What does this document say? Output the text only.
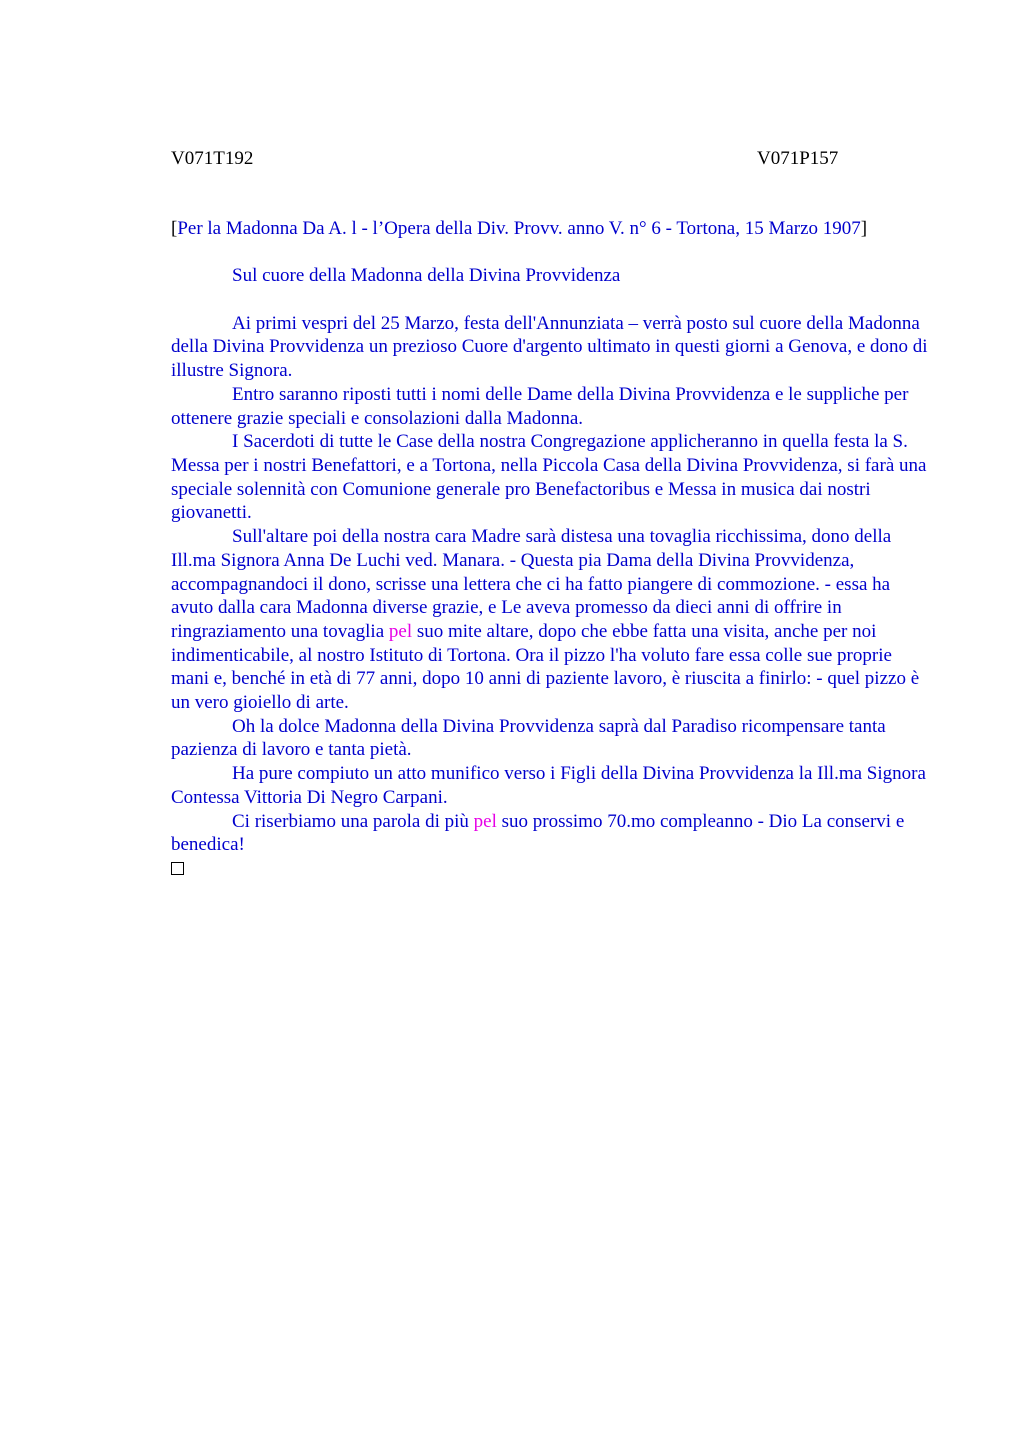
V071T192	V071P157

[Per la Madonna Da A. l - l’Opera della Div. Provv. anno V. n° 6 - Tortona, 15 Marzo 1907]

Sul cuore della Madonna della Divina Provvidenza

Ai primi vespri del 25 Marzo, festa dell'Annunziata – verrà posto sul cuore della Madonna della Divina Provvidenza un prezioso Cuore d'argento ultimato in questi giorni a Genova, e dono di illustre Signora.

Entro saranno riposti tutti i nomi delle Dame della Divina Provvidenza e le suppliche per ottenere grazie speciali e consolazioni dalla Madonna.

I Sacerdoti di tutte le Case della nostra Congregazione applicheranno in quella festa la S. Messa per i nostri Benefattori, e a Tortona, nella Piccola Casa della Divina Provvidenza, si farà una speciale solennità con Comunione generale pro Benefactoribus e Messa in musica dai nostri giovanetti.

Sull'altare poi della nostra cara Madre sarà distesa una tovaglia ricchissima, dono della Ill.ma Signora Anna De Luchi ved. Manara. - Questa pia Dama della Divina Provvidenza, accompagnandoci il dono, scrisse una lettera che ci ha fatto piangere di commozione. - essa ha avuto dalla cara Madonna diverse grazie, e Le aveva promesso da dieci anni di offrire in ringraziamento una tovaglia pel suo mite altare, dopo che ebbe fatta una visita, anche per noi indimenticabile, al nostro Istituto di Tortona. Ora il pizzo l'ha voluto fare essa colle sue proprie mani e, benché in età di 77 anni, dopo 10 anni di paziente lavoro, è riuscita a finirlo: - quel pizzo è un vero gioiello di arte.

Oh la dolce Madonna della Divina Provvidenza saprà dal Paradiso ricompensare tanta pazienza di lavoro e tanta pietà.

Ha pure compiuto un atto munifico verso i Figli della Divina Provvidenza la Ill.ma Signora Contessa Vittoria Di Negro Carpani.

Ci riserbiamo una parola di più pel suo prossimo 70.mo compleanno - Dio La conservi e benedica!
